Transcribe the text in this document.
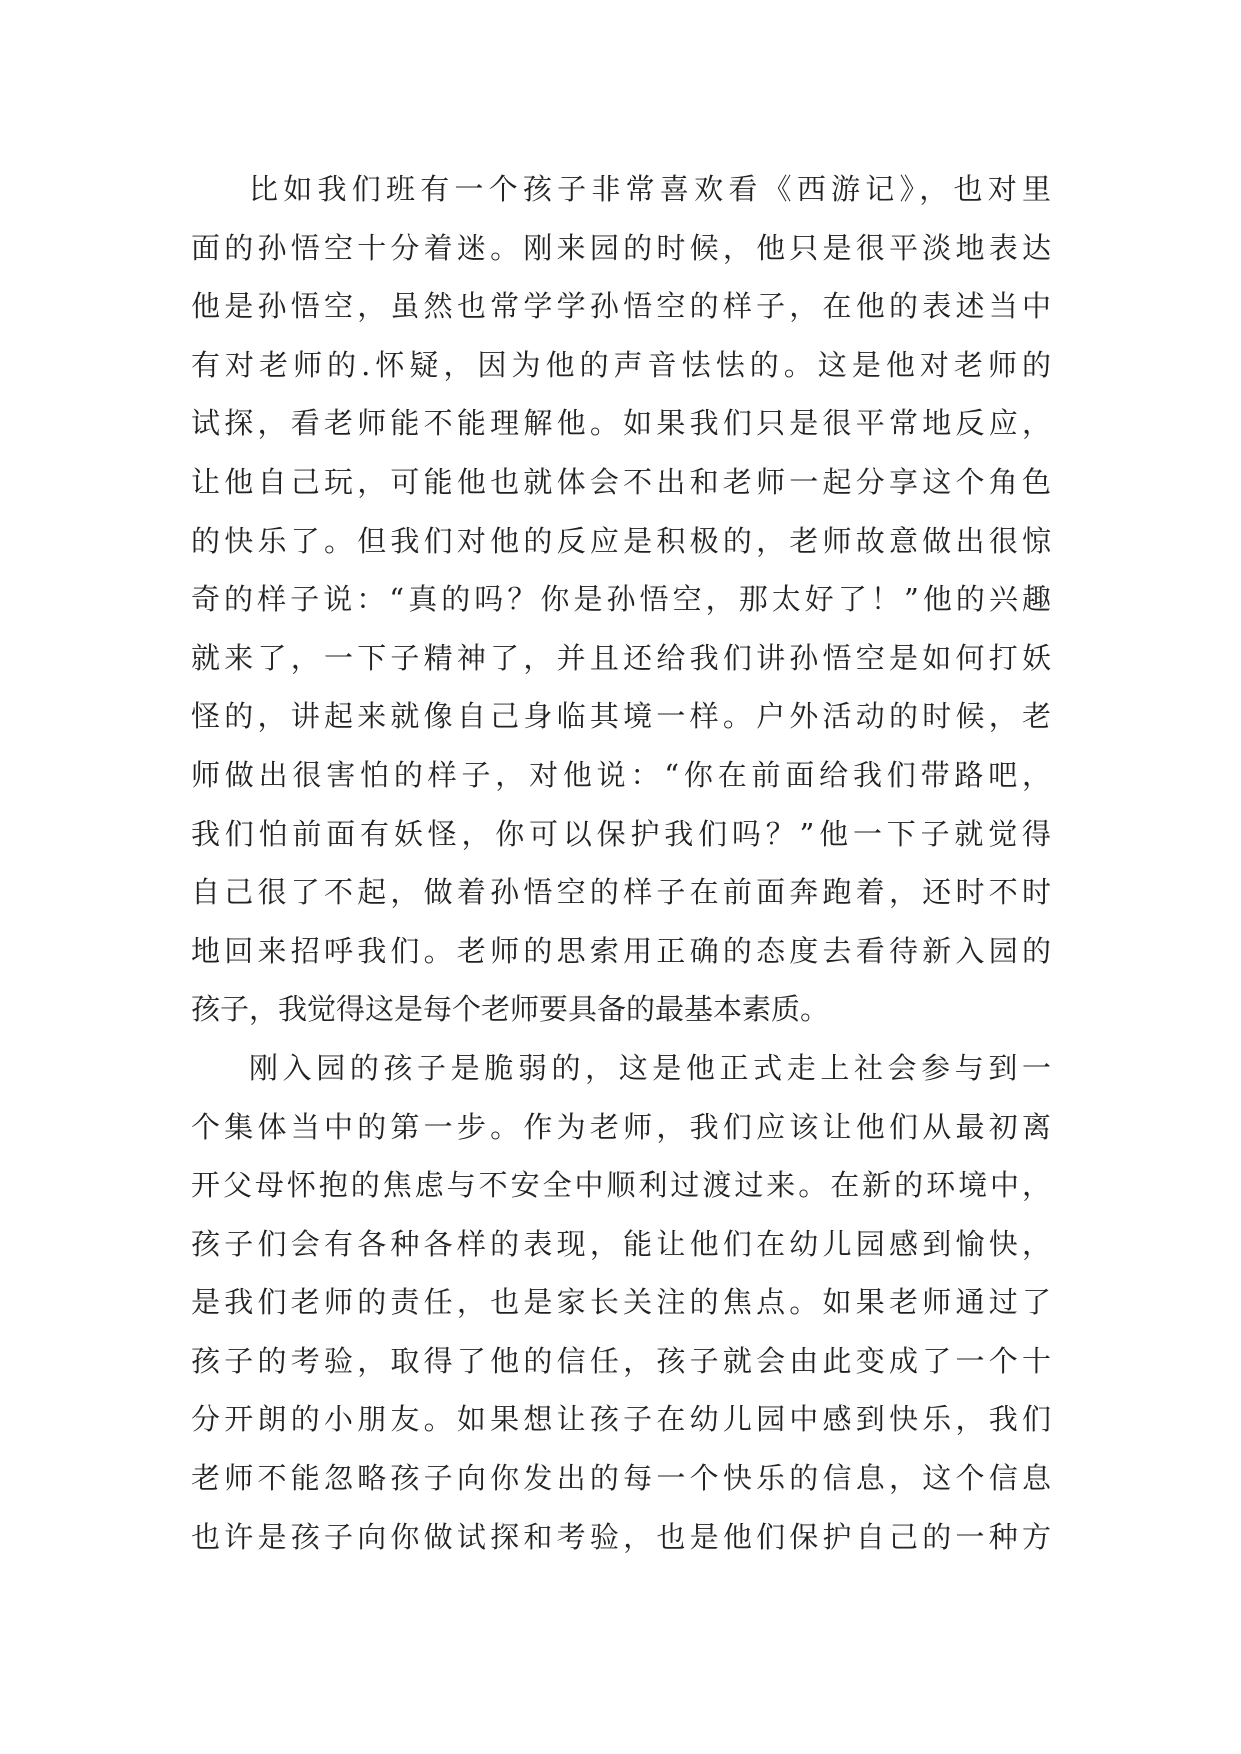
比如我们班有一个孩子非常喜欢看《西游记》，也对里
面的孙悟空十分着迷。刚来园的时候，他只是很平淡地表达
他是孙悟空，虽然也常学学孙悟空的样子，在他的表述当中
有对老师的.怀疑，因为他的声音怯怯的。这是他对老师的
试探，看老师能不能理解他。如果我们只是很平常地反应，
让他自己玩，可能他也就体会不出和老师一起分享这个角色
的快乐了。但我们对他的反应是积极的，老师故意做出很惊
奇的样子说：“真的吗？你是孙悟空，那太好了！”他的兴趣
就来了，一下子精神了，并且还给我们讲孙悟空是如何打妖
怪的，讲起来就像自己身临其境一样。户外活动的时候，老
师做出很害怕的样子，对他说：“你在前面给我们带路吧，
我们怕前面有妖怪，你可以保护我们吗？”他一下子就觉得
自己很了不起，做着孙悟空的样子在前面奔跑着，还时不时
地回来招呼我们。老师的思索用正确的态度去看待新入园的
孩子，我觉得这是每个老师要具备的最基本素质。
刚入园的孩子是脆弱的，这是他正式走上社会参与到一
个集体当中的第一步。作为老师，我们应该让他们从最初离
开父母怀抱的焦虑与不安全中顺利过渡过来。在新的环境中，
孩子们会有各种各样的表现，能让他们在幼儿园感到愉快，
是我们老师的责任，也是家长关注的焦点。如果老师通过了
孩子的考验，取得了他的信任，孩子就会由此变成了一个十
分开朗的小朋友。如果想让孩子在幼儿园中感到快乐，我们
老师不能忽略孩子向你发出的每一个快乐的信息，这个信息
也许是孩子向你做试探和考验，也是他们保护自己的一种方
